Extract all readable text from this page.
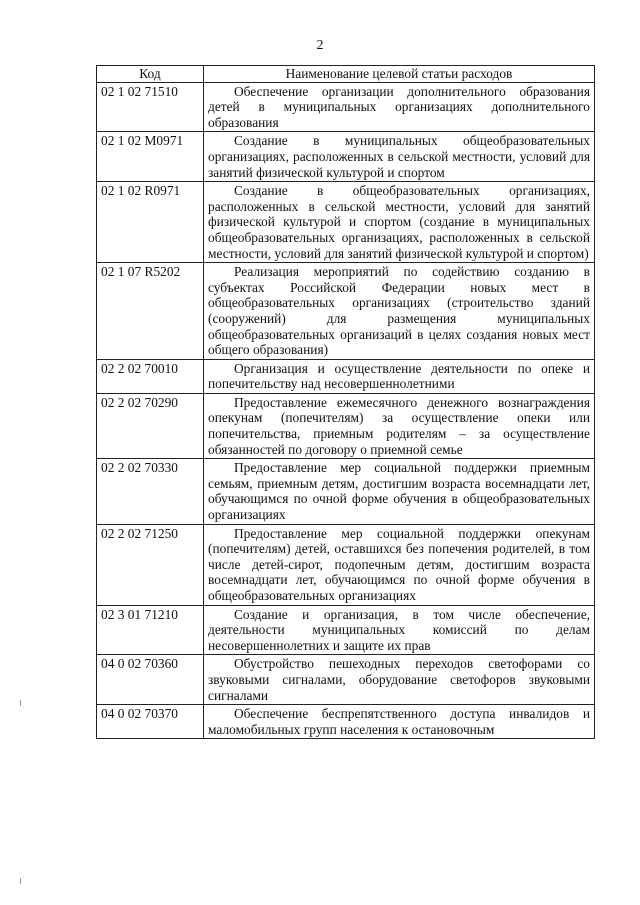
2
Код	Наименование целевой статьи расходов
02 1 02 71510	Обеспечение организации дополнительного образования детей в муниципальных организациях дополнительного образования
02 1 02 M0971	Создание в муниципальных общеобразовательных организациях, расположенных в сельской местности, условий для занятий физической культурой и спортом
02 1 02 R0971	Создание в общеобразовательных организациях, расположенных в сельской местности, условий для занятий физической культурой и спортом (создание в муниципальных общеобразовательных организациях, расположенных в сельской местности, условий для занятий физической культурой и спортом)
02 1 07 R5202	Реализация мероприятий по содействию созданию в субъектах Российской Федерации новых мест в общеобразовательных организациях (строительство зданий (сооружений) для размещения муниципальных общеобразовательных организаций в целях создания новых мест общего образования)
02 2 02 70010	Организация и осуществление деятельности по опеке и попечительству над несовершеннолетними
02 2 02 70290	Предоставление ежемесячного денежного вознаграждения опекунам (попечителям) за осуществление опеки или попечительства, приемным родителям – за осуществление обязанностей по договору о приемной семье
02 2 02 70330	Предоставление мер социальной поддержки приемным семьям, приемным детям, достигшим возраста восемнадцати лет, обучающимся по очной форме обучения в общеобразовательных организациях
02 2 02 71250	Предоставление мер социальной поддержки опекунам (попечителям) детей, оставшихся без попечения родителей, в том числе детей-сирот, подопечным детям, достигшим возраста восемнадцати лет, обучающимся по очной форме обучения в общеобразовательных организациях
02 3 01 71210	Создание и организация, в том числе обеспечение, деятельности муниципальных комиссий по делам несовершеннолетних и защите их прав
04 0 02 70360	Обустройство пешеходных переходов светофорами со звуковыми сигналами, оборудование светофоров звуковыми сигналами
04 0 02 70370	Обеспечение беспрепятственного доступа инвалидов и маломобильных групп населения к остановочным
